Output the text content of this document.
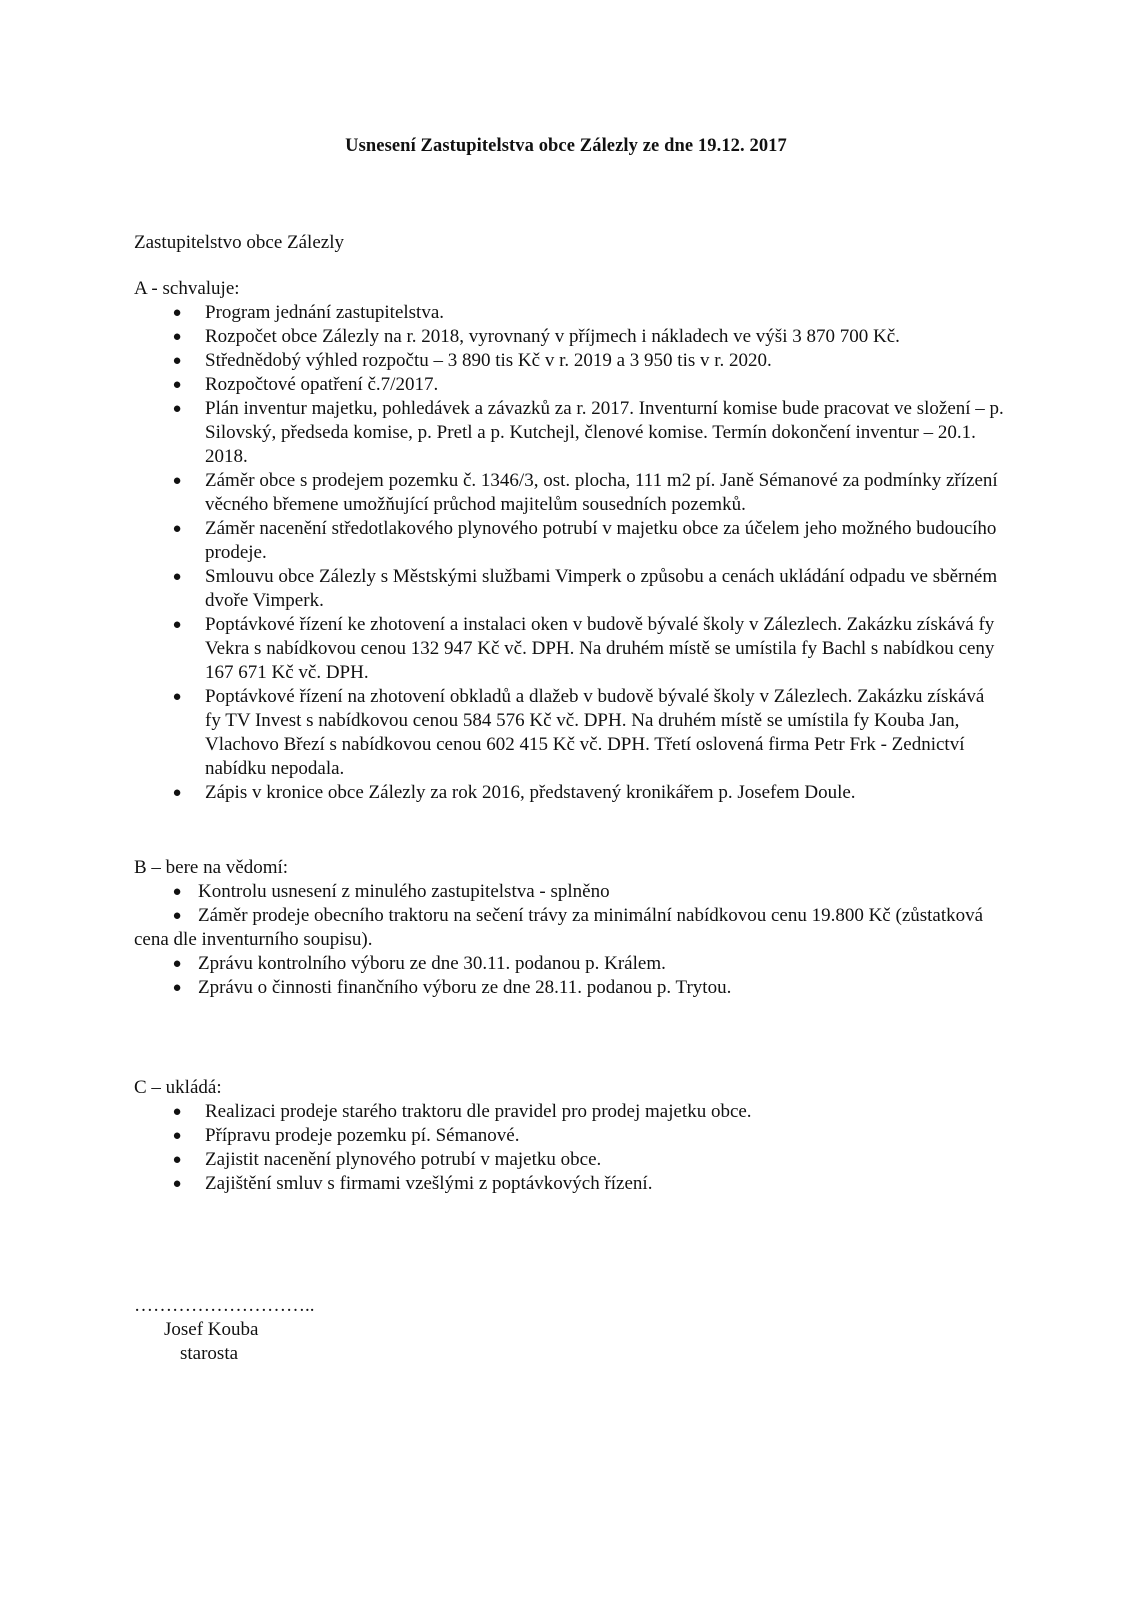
Usnesení Zastupitelstva obce Zálezly ze dne 19.12. 2017
Zastupitelstvo obce Zálezly
A - schvaluje:
● Program jednání zastupitelstva.
● Rozpočet obce Zálezly na r. 2018, vyrovnaný v příjmech i nákladech ve výši 3 870 700 Kč.
● Střednědobý výhled rozpočtu – 3 890 tis Kč v r. 2019 a 3 950 tis v r. 2020.
● Rozpočtové opatření č.7/2017.
● Plán inventur majetku, pohledávek a závazků za r. 2017. Inventurní komise bude pracovat ve složení – p. Silovský, předseda komise, p. Pretl a p. Kutchejl, členové komise. Termín dokončení inventur – 20.1. 2018.
● Záměr obce s prodejem pozemku č. 1346/3, ost. plocha, 111 m2 pí. Janě Sémanové za podmínky zřízení věcného břemene umožňující průchod majitelům sousedních pozemků.
● Záměr nacenění středotlakového plynového potrubí v majetku obce za účelem jeho možného budoucího prodeje.
● Smlouvu obce Zálezly s Městskými službami Vimperk o způsobu a cenách ukládání odpadu ve sběrném dvoře Vimperk.
● Poptávkové řízení ke zhotovení a instalaci oken v budově bývalé školy v Zálezlech. Zakázku získává fy Vekra s nabídkovou cenou 132 947 Kč vč. DPH. Na druhém místě se umístila fy Bachl s nabídkou ceny 167 671 Kč vč. DPH.
● Poptávkové řízení na zhotovení obkladů a dlažeb v budově bývalé školy v Zálezlech. Zakázku získává fy TV Invest s nabídkovou cenou 584 576 Kč vč. DPH. Na druhém místě se umístila fy Kouba Jan, Vlachovo Březí s nabídkovou cenou 602 415 Kč vč. DPH. Třetí oslovená firma Petr Frk - Zednictví nabídku nepodala.
● Zápis v kronice obce Zálezly za rok 2016, představený kronikářem p. Josefem Doule.
B – bere na vědomí:
● Kontrolu usnesení z minulého zastupitelstva - splněno
● Záměr prodeje obecního traktoru na sečení trávy za minimální nabídkovou cenu 19.800 Kč (zůstatková cena dle inventurního soupisu).
● Zprávu kontrolního výboru ze dne 30.11. podanou p. Králem.
● Zprávu o činnosti finančního výboru ze dne 28.11. podanou p. Trytou.
C – ukládá:
● Realizaci prodeje starého traktoru dle pravidel pro prodej majetku obce.
● Přípravu prodeje pozemku pí. Sémanové.
● Zajistit nacenění plynového potrubí v majetku obce.
● Zajištění smluv s firmami vzešlými z poptávkových řízení.
………………………..
Josef Kouba
starosta
